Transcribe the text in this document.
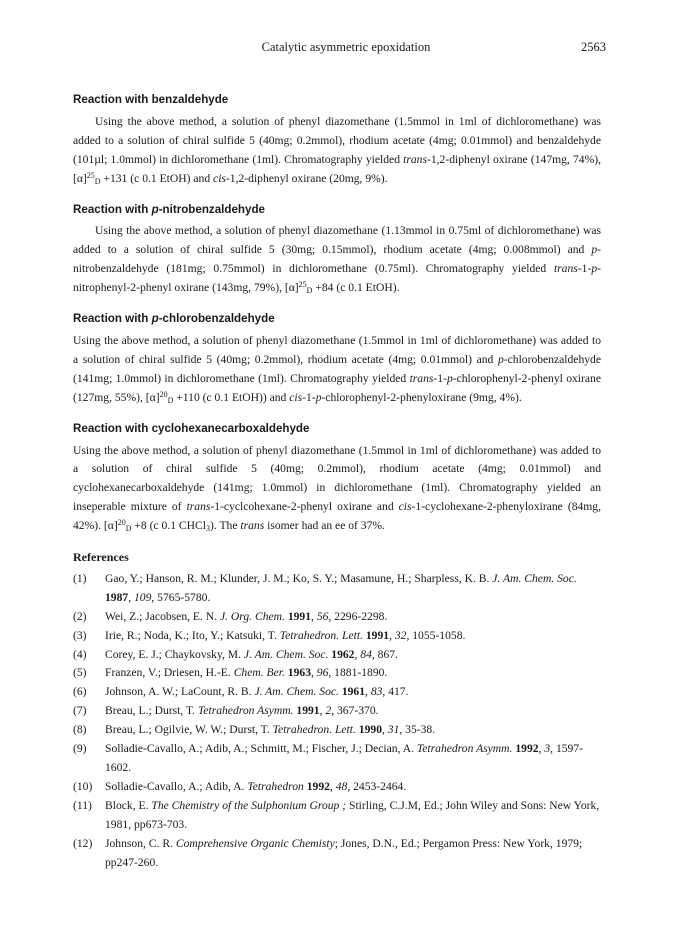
Catalytic asymmetric epoxidation	2563
Reaction with benzaldehyde

Using the above method, a solution of phenyl diazomethane (1.5mmol in 1ml of dichloromethane) was added to a solution of chiral sulfide 5 (40mg; 0.2mmol), rhodium acetate (4mg; 0.01mmol) and benzaldehyde (101µl; 1.0mmol) in dichloromethane (1ml). Chromatography yielded trans-1,2-diphenyl oxirane (147mg, 74%), $[\alpha]^{25}_D +131$ (c 0.1 EtOH) and cis-1,2-diphenyl oxirane (20mg, 9%).

Reaction with p-nitrobenzaldehyde

Using the above method, a solution of phenyl diazomethane (1.13mmol in 0.75ml of dichloromethane) was added to a solution of chiral sulfide 5 (30mg; 0.15mmol), rhodium acetate (4mg; 0.008mmol) and p-nitrobenzaldehyde (181mg; 0.75mmol) in dichloromethane (0.75ml). Chromatography yielded trans-1-p-nitrophenyl-2-phenyl oxirane (143mg, 79%), $[\alpha]^{25}_D +84$ (c 0.1 EtOH).

Reaction with p-chlorobenzaldehyde

Using the above method, a solution of phenyl diazomethane (1.5mmol in 1ml of dichloromethane) was added to a solution of chiral sulfide 5 (40mg; 0.2mmol), rhodium acetate (4mg; 0.01mmol) and p-chlorobenzaldehyde (141mg; 1.0mmol) in dichloromethane (1ml). Chromatography yielded trans-1-p-chlorophenyl-2-phenyl oxirane (127mg, 55%), $[\alpha]^{20}_D +110$ (c 0.1 EtOH)) and cis-1-p-chlorophenyl-2-phenyloxirane (9mg, 4%).

Reaction with cyclohexanecarboxaldehyde

Using the above method, a solution of phenyl diazomethane (1.5mmol in 1ml of dichloromethane) was added to a solution of chiral sulfide 5 (40mg; 0.2mmol), rhodium acetate (4mg; 0.01mmol) and cyclohexanecarboxaldehyde (141mg; 1.0mmol) in dichloromethane (1ml). Chromatography yielded an inseperable mixture of trans-1-cyclcohexane-2-phenyl oxirane and cis-1-cyclohexane-2-phenyloxirane (84mg, 42%). $[\alpha]^{20}_D +8$ (c 0.1 CHCl$_3$). The trans isomer had an ee of 37%.

References
(1)	Gao, Y.; Hanson, R. M.; Klunder, J. M.; Ko, S. Y.; Masamune, H.; Sharpless, K. B. J. Am. Chem. Soc. 1987, 109, 5765-5780.
(2)	Wei, Z.; Jacobsen, E. N. J. Org. Chem. 1991, 56, 2296-2298.
(3)	Irie, R.; Noda, K.; Ito, Y.; Katsuki, T. Tetrahedron. Lett. 1991, 32, 1055-1058.
(4)	Corey, E. J.; Chaykovsky, M. J. Am. Chem. Soc. 1962, 84, 867.
(5)	Franzen, V.; Driesen, H.-E. Chem. Ber. 1963, 96, 1881-1890.
(6)	Johnson, A. W.; LaCount, R. B. J. Am. Chem. Soc. 1961, 83, 417.
(7)	Breau, L.; Durst, T. Tetrahedron Asymm. 1991, 2, 367-370.
(8)	Breau, L.; Ogilvie, W. W.; Durst, T. Tetrahedron. Lett. 1990, 31, 35-38.
(9)	Solladie-Cavallo, A.; Adib, A.; Schmitt, M.; Fischer, J.; Decian, A. Tetrahedron Asymm. 1992, 3, 1597-1602.
(10)	Solladie-Cavallo, A.; Adib, A. Tetrahedron 1992, 48, 2453-2464.
(11)	Block, E. The Chemistry of the Sulphonium Group ; Stirling, C.J.M, Ed.; John Wiley and Sons: New York, 1981, pp673-703.
(12)	Johnson, C. R. Comprehensive Organic Chemisty; Jones, D.N., Ed.; Pergamon Press: New York, 1979; pp247-260.
